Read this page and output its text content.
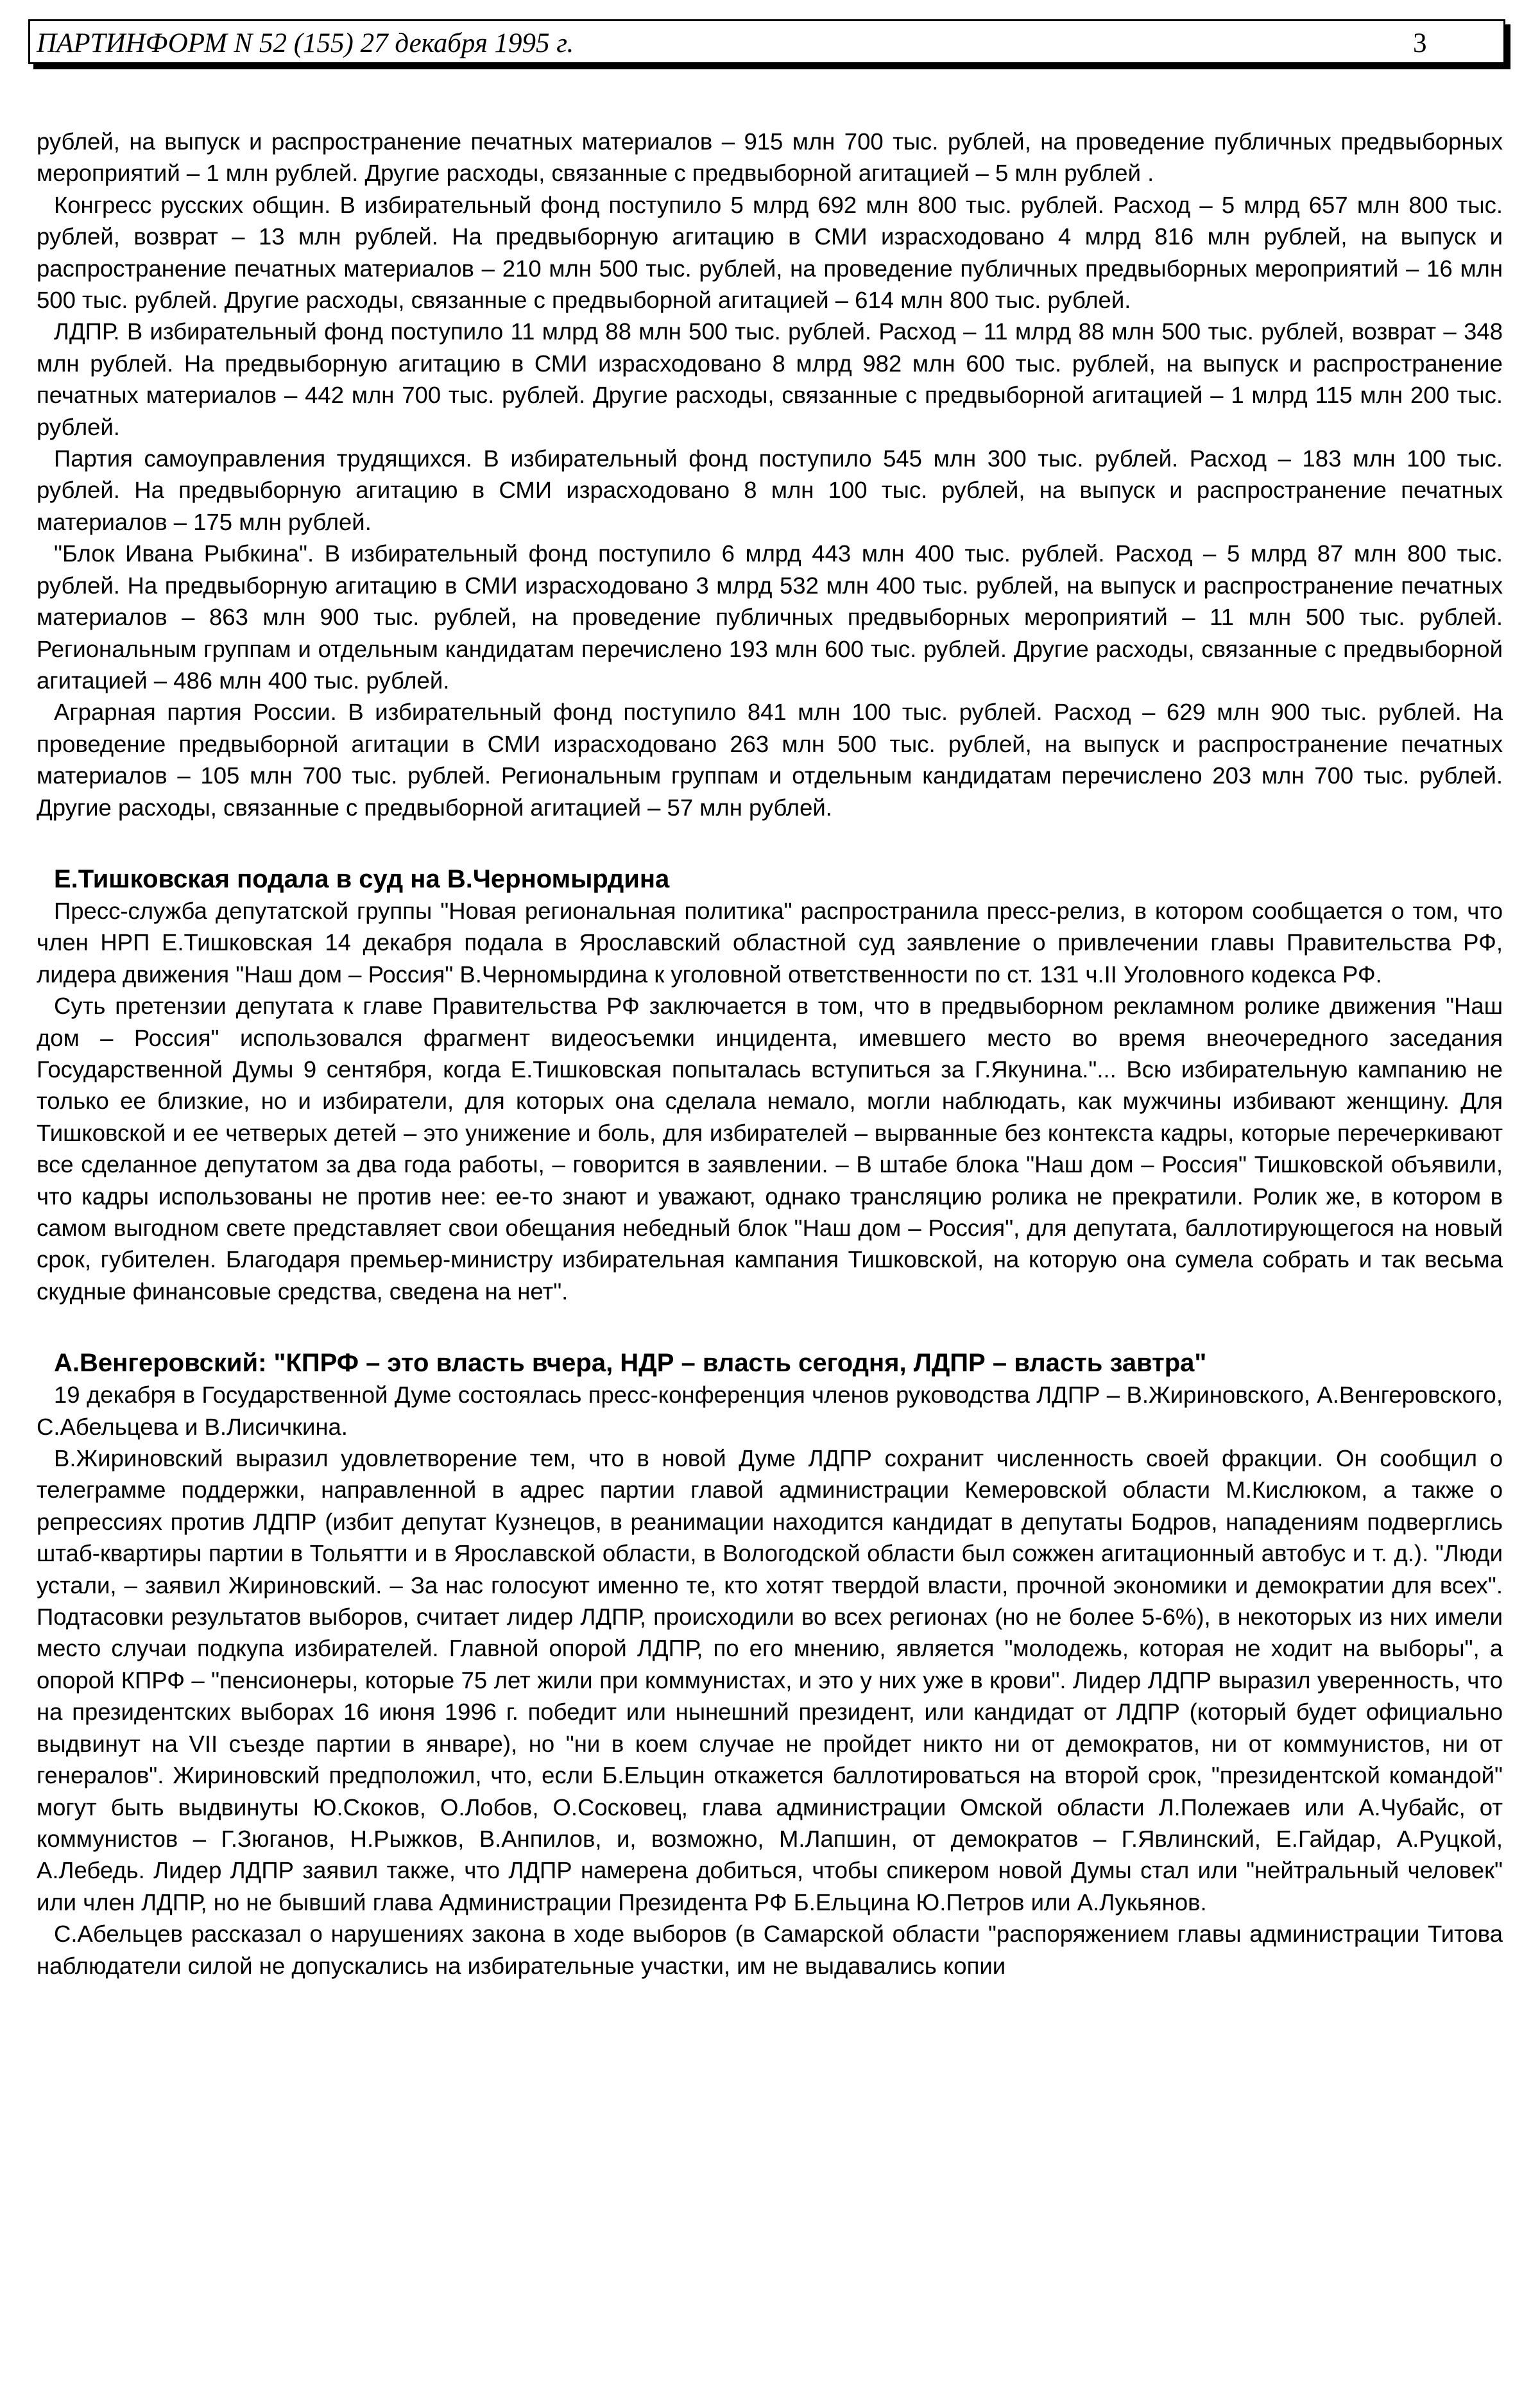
ПАРТИНФОРМ N 52 (155) 27 декабря 1995 г.	3

рублей, на выпуск и распространение печатных материалов – 915 млн 700 тыс. рублей, на проведение публичных предвыборных мероприятий – 1 млн рублей. Другие расходы, связанные с предвыборной агитацией – 5 млн рублей .

Конгресс русских общин. В избирательный фонд поступило 5 млрд 692 млн 800 тыс. рублей. Расход – 5 млрд 657 млн 800 тыс. рублей, возврат – 13 млн рублей. На предвыборную агитацию в СМИ израсходовано 4 млрд 816 млн рублей, на выпуск и распространение печатных материалов – 210 млн 500 тыс. рублей, на проведение публичных предвыборных мероприятий – 16 млн 500 тыс. рублей. Другие расходы, связанные с предвыборной агитацией – 614 млн 800 тыс. рублей.

ЛДПР. В избирательный фонд поступило 11 млрд 88 млн 500 тыс. рублей. Расход – 11 млрд 88 млн 500 тыс. рублей, возврат – 348 млн рублей. На предвыборную агитацию в СМИ израсходовано 8 млрд 982 млн 600 тыс. рублей, на выпуск и распространение печатных материалов – 442 млн 700 тыс. рублей. Другие расходы, связанные с предвыборной агитацией – 1 млрд 115 млн 200 тыс. рублей.

Партия самоуправления трудящихся. В избирательный фонд поступило 545 млн 300 тыс. рублей. Расход – 183 млн 100 тыс. рублей. На предвыборную агитацию в СМИ израсходовано 8 млн 100 тыс. рублей, на выпуск и распространение печатных материалов – 175 млн рублей.

"Блок Ивана Рыбкина". В избирательный фонд поступило 6 млрд 443 млн 400 тыс. рублей. Расход – 5 млрд 87 млн 800 тыс. рублей. На предвыборную агитацию в СМИ израсходовано 3 млрд 532 млн 400 тыс. рублей, на выпуск и распространение печатных материалов – 863 млн 900 тыс. рублей, на проведение публичных предвыборных мероприятий – 11 млн 500 тыс. рублей. Региональным группам и отдельным кандидатам перечислено 193 млн 600 тыс. рублей. Другие расходы, связанные с предвыборной агитацией – 486 млн 400 тыс. рублей.

Аграрная партия России. В избирательный фонд поступило 841 млн 100 тыс. рублей. Расход – 629 млн 900 тыс. рублей. На проведение предвыборной агитации в СМИ израсходовано 263 млн 500 тыс. рублей, на выпуск и распространение печатных материалов – 105 млн 700 тыс. рублей. Региональным группам и отдельным кандидатам перечислено 203 млн 700 тыс. рублей. Другие расходы, связанные с предвыборной агитацией – 57 млн рублей.

Е.Тишковская подала в суд на В.Черномырдина

Пресс-служба депутатской группы "Новая региональная политика" распространила пресс-релиз, в котором сообщается о том, что член НРП Е.Тишковская 14 декабря подала в Ярославский областной суд заявление о привлечении главы Правительства РФ, лидера движения "Наш дом – Россия" В.Черномырдина к уголовной ответственности по ст. 131 ч.II Уголовного кодекса РФ.

Суть претензии депутата к главе Правительства РФ заключается в том, что в предвыборном рекламном ролике движения "Наш дом – Россия" использовался фрагмент видеосъемки инцидента, имевшего место во время внеочередного заседания Государственной Думы 9 сентября, когда Е.Тишковская попыталась вступиться за Г.Якунина."... Всю избирательную кампанию не только ее близкие, но и избиратели, для которых она сделала немало, могли наблюдать, как мужчины избивают женщину. Для Тишковской и ее четверых детей – это унижение и боль, для избирателей – вырванные без контекста кадры, которые перечеркивают все сделанное депутатом за два года работы, – говорится в заявлении. – В штабе блока "Наш дом – Россия" Тишковской объявили, что кадры использованы не против нее: ее-то знают и уважают, однако трансляцию ролика не прекратили. Ролик же, в котором в самом выгодном свете представляет свои обещания небедный блок "Наш дом – Россия", для депутата, баллотирующегося на новый срок, губителен. Благодаря премьер-министру избирательная кампания Тишковской, на которую она сумела собрать и так весьма скудные финансовые средства, сведена на нет".

А.Венгеровский: "КПРФ – это власть вчера, НДР – власть сегодня, ЛДПР – власть завтра"

19 декабря в Государственной Думе состоялась пресс-конференция членов руководства ЛДПР – В.Жириновского, А.Венгеровского, С.Абельцева и В.Лисичкина.

В.Жириновский выразил удовлетворение тем, что в новой Думе ЛДПР сохранит численность своей фракции. Он сообщил о телеграмме поддержки, направленной в адрес партии главой администрации Кемеровской области М.Кислюком, а также о репрессиях против ЛДПР (избит депутат Кузнецов, в реанимации находится кандидат в депутаты Бодров, нападениям подверглись штаб-квартиры партии в Тольятти и в Ярославской области, в Вологодской области был сожжен агитационный автобус и т. д.). "Люди устали, – заявил Жириновский. – За нас голосуют именно те, кто хотят твердой власти, прочной экономики и демократии для всех". Подтасовки результатов выборов, считает лидер ЛДПР, происходили во всех регионах (но не более 5-6%), в некоторых из них имели место случаи подкупа избирателей. Главной опорой ЛДПР, по его мнению, является "молодежь, которая не ходит на выборы", а опорой КПРФ – "пенсионеры, которые 75 лет жили при коммунистах, и это у них уже в крови". Лидер ЛДПР выразил уверенность, что на президентских выборах 16 июня 1996 г. победит или нынешний президент, или кандидат от ЛДПР (который будет официально выдвинут на VII съезде партии в январе), но "ни в коем случае не пройдет никто ни от демократов, ни от коммунистов, ни от генералов". Жириновский предположил, что, если Б.Ельцин откажется баллотироваться на второй срок, "президентской командой" могут быть выдвинуты Ю.Скоков, О.Лобов, О.Сосковец, глава администрации Омской области Л.Полежаев или А.Чубайс, от коммунистов – Г.Зюганов, Н.Рыжков, В.Анпилов, и, возможно, М.Лапшин, от демократов – Г.Явлинский, Е.Гайдар, А.Руцкой, А.Лебедь. Лидер ЛДПР заявил также, что ЛДПР намерена добиться, чтобы спикером новой Думы стал или "нейтральный человек" или член ЛДПР, но не бывший глава Администрации Президента РФ Б.Ельцина Ю.Петров или А.Лукьянов.

С.Абельцев рассказал о нарушениях закона в ходе выборов (в Самарской области "распоряжением главы администрации Титова наблюдатели силой не допускались на избирательные участки, им не выдавались копии
